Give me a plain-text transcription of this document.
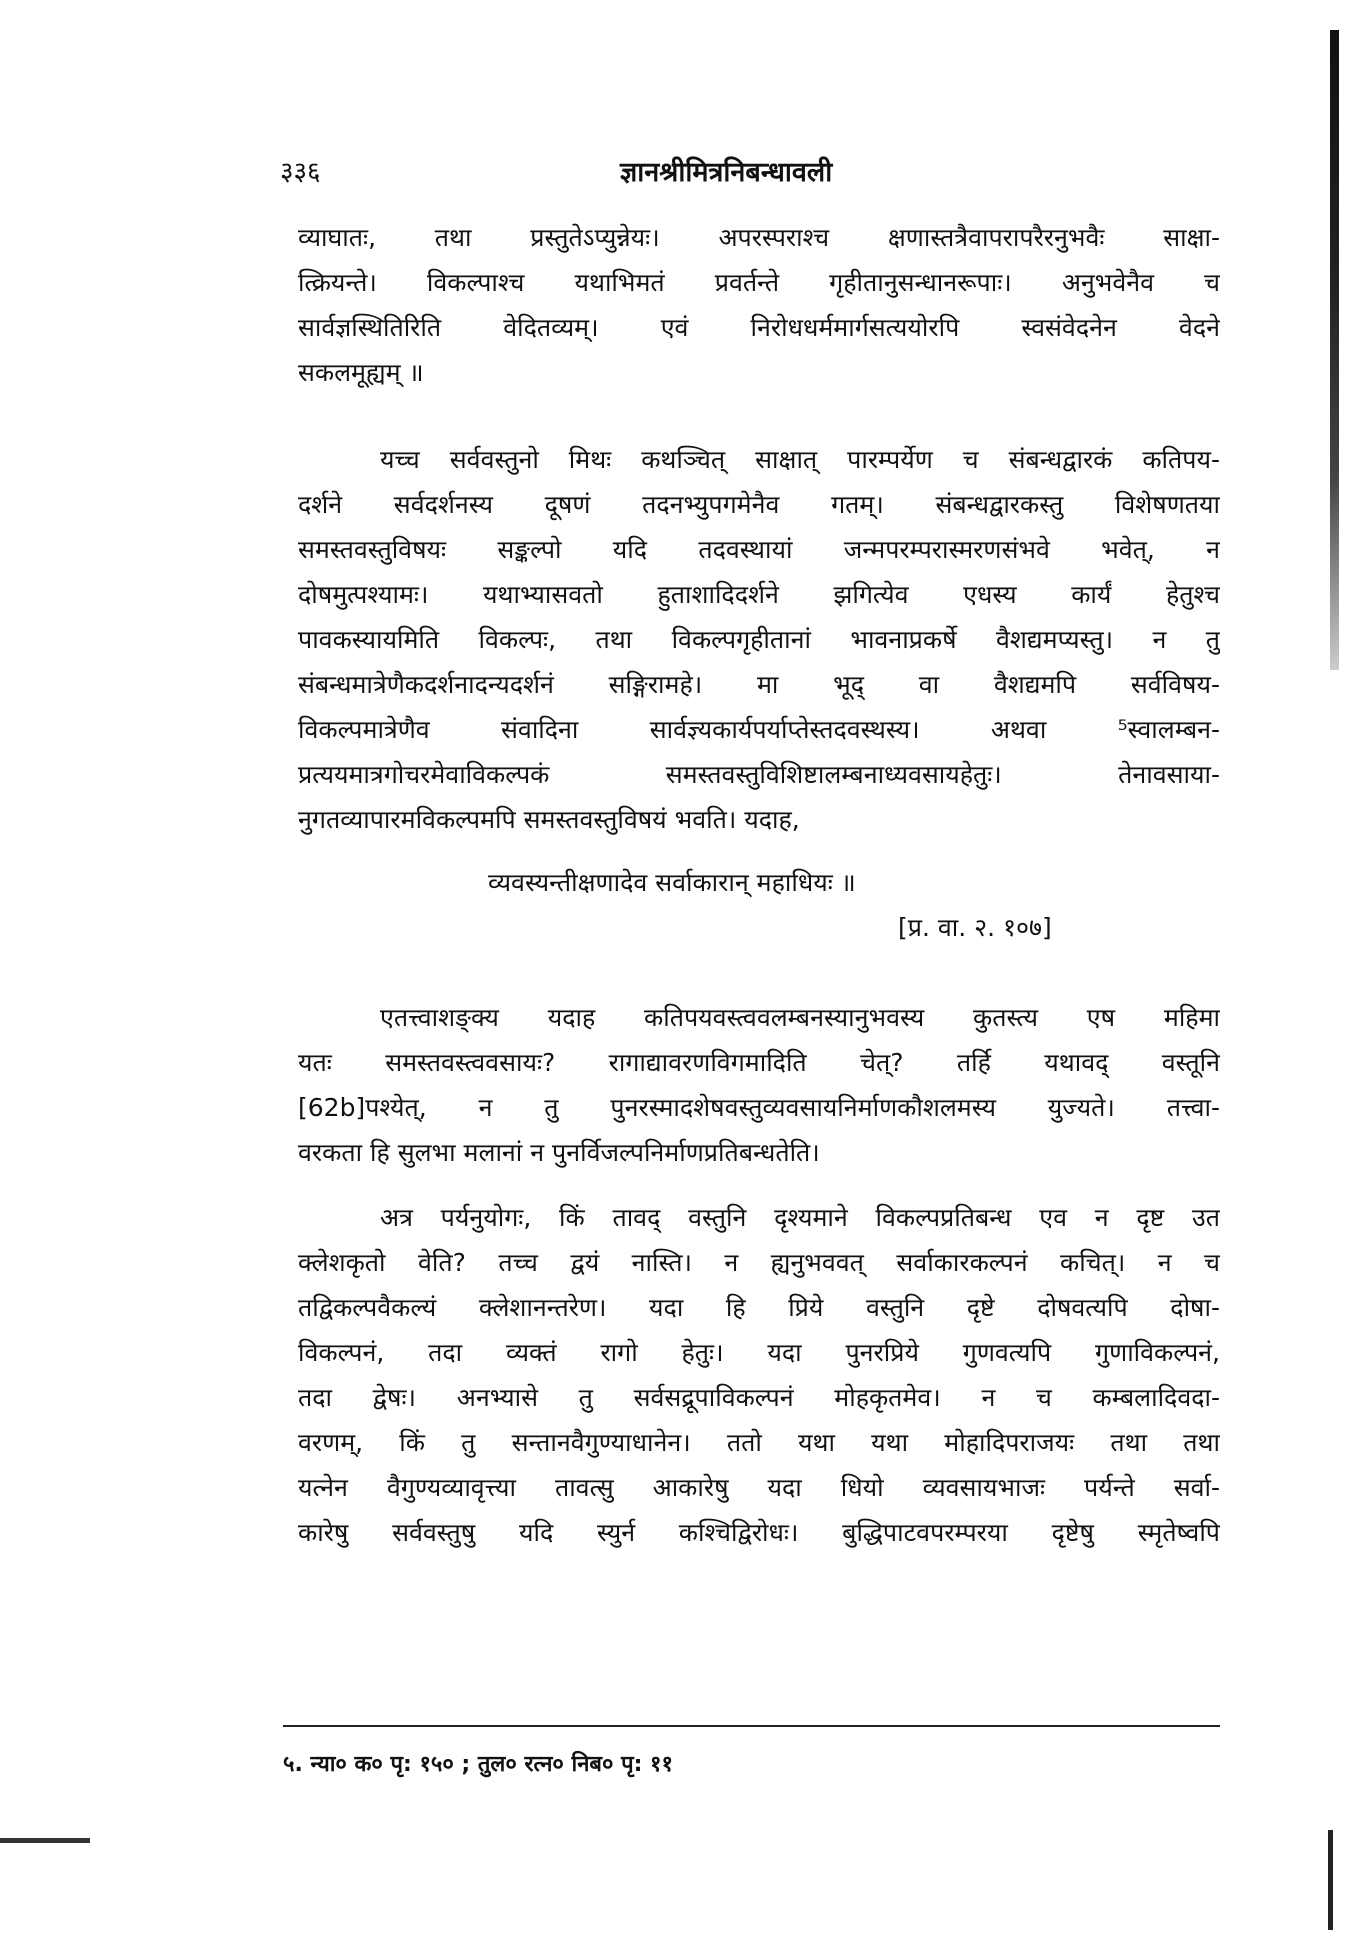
३३६	ज्ञानश्रीमित्रनिबन्धावली
व्याघातः, तथा प्रस्तुतेऽप्युन्नेयः। अपरस्पराश्च क्षणास्तत्रैवापरापरैरनुभवैः साक्षा-
त्क्रियन्ते। विकल्पाश्च यथाभिमतं प्रवर्तन्ते गृहीतानुसन्धानरूपाः। अनुभवेनैव च
सार्वज्ञस्थितिरिति वेदितव्यम्। एवं निरोधधर्ममार्गसत्ययोरपि स्वसंवेदनेन वेदने
सकलमूह्यम् ॥
यच्च सर्ववस्तुनो मिथः कथञ्चित् साक्षात् पारम्पर्येण च संबन्धद्वारकं कतिपय-
दर्शने सर्वदर्शनस्य दूषणं तदनभ्युपगमेनैव गतम्। संबन्धद्वारकस्तु विशेषणतया
समस्तवस्तुविषयः सङ्कल्पो यदि तदवस्थायां जन्मपरम्परास्मरणसंभवे भवेत्, न
दोषमुत्पश्यामः। यथाभ्यासवतो हुताशादिदर्शने झगित्येव एधस्य कार्यं हेतुश्च
पावकस्यायमिति विकल्पः, तथा विकल्पगृहीतानां भावनाप्रकर्षे वैशद्यमप्यस्तु। न तु
संबन्धमात्रेणैकदर्शनादन्यदर्शनं सङ्गिरामहे। मा भूद् वा वैशद्यमपि सर्वविषय-
विकल्पमात्रेणैव संवादिना सार्वज्ञ्यकार्यपर्याप्तेस्तदवस्थस्य। अथवा ⁵स्वालम्बन-
प्रत्ययमात्रगोचरमेवाविकल्पकं समस्तवस्तुविशिष्टालम्बनाध्यवसायहेतुः। तेनावसाया-
नुगतव्यापारमविकल्पमपि समस्तवस्तुविषयं भवति। यदाह,
व्यवस्यन्तीक्षणादेव सर्वाकारान् महाधियः ॥
[प्र. वा. २. १०७]
एतत्त्वाशङ्क्य यदाह कतिपयवस्त्ववलम्बनस्यानुभवस्य कुतस्त्य एष महिमा
यतः समस्तवस्त्ववसायः? रागाद्यावरणविगमादिति चेत्? तर्हि यथावद् वस्तूनि
[62b]पश्येत्, न तु पुनरस्मादशेषवस्तुव्यवसायनिर्माणकौशलमस्य युज्यते। तत्त्वा-
वरकता हि सुलभा मलानां न पुनर्विजल्पनिर्माणप्रतिबन्धतेति।
अत्र पर्यनुयोगः, किं तावद् वस्तुनि दृश्यमाने विकल्पप्रतिबन्ध एव न दृष्ट उत
क्लेशकृतो वेति? तच्च द्वयं नास्ति। न ह्यनुभववत् सर्वाकारकल्पनं कचित्। न च
तद्विकल्पवैकल्यं क्लेशानन्तरेण। यदा हि प्रिये वस्तुनि दृष्टे दोषवत्यपि दोषा-
विकल्पनं, तदा व्यक्तं रागो हेतुः। यदा पुनरप्रिये गुणवत्यपि गुणाविकल्पनं,
तदा द्वेषः। अनभ्यासे तु सर्वसद्रूपाविकल्पनं मोहकृतमेव। न च कम्बलादिवदा-
वरणम्, किं तु सन्तानवैगुण्याधानेन। ततो यथा यथा मोहादिपराजयः तथा तथा
यत्नेन वैगुण्यव्यावृत्त्या तावत्सु आकारेषु यदा धियो व्यवसायभाजः पर्यन्ते सर्वा-
कारेषु सर्ववस्तुषु यदि स्युर्न कश्चिद्विरोधः। बुद्धिपाटवपरम्परया दृष्टेषु स्मृतेष्वपि
५. न्या० क० पृ: १५० ; तुल० रत्न० निब० पृ: ११
